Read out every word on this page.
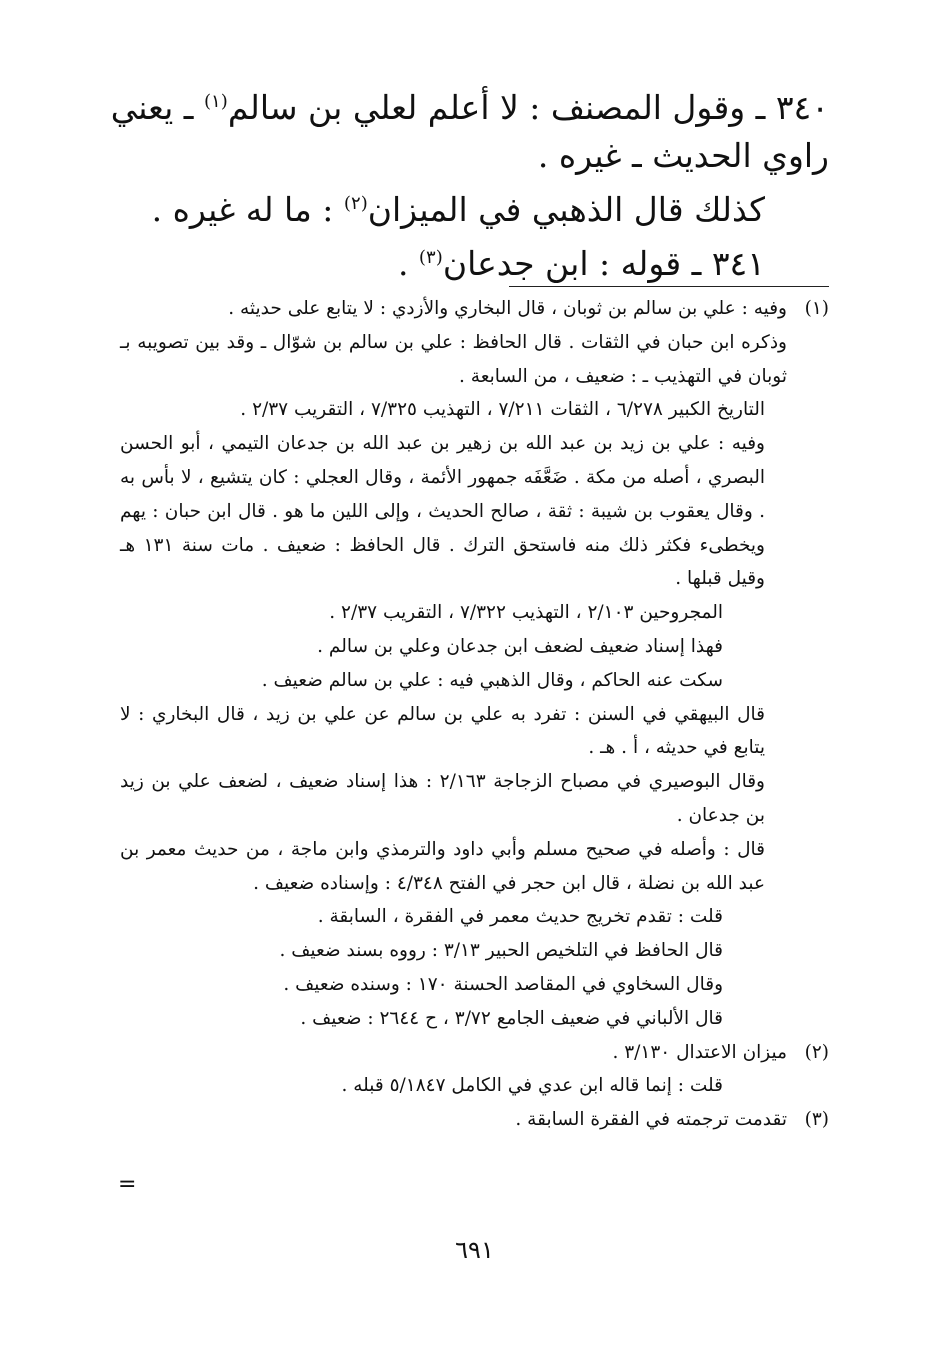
٣٤٠ ـ وقول المصنف : لا أعلم لعلي بن سالم$^{(١)}$ ـ يعني
راوي الحديث ـ غيره .
كذلك قال الذهبي في الميزان$^{(٢)}$ : ما له غيره .
٣٤١ ـ قوله : ابن جدعان$^{(٣)}$ .
(١)
وفيه : علي بن سالم بن ثوبان ، قال البخاري والأزدي : لا يتابع على حديثه .
وذكره ابن حبان في الثقات . قال الحافظ : علي بن سالم بن شوّال ـ وقد بين تصويبه بـ ثوبان في التهذيب ـ : ضعيف ، من السابعة .
التاريخ الكبير ٦/٢٧٨ ، الثقات ٧/٢١١ ، التهذيب ٧/٣٢٥ ، التقريب ٢/٣٧ .
وفيه : علي بن زيد بن عبد الله بن زهير بن عبد الله بن جدعان التيمي ، أبو الحسن البصري ، أصله من مكة . ضَعَّفَه جمهور الأئمة ، وقال العجلي : كان يتشيع ، لا بأس به . وقال يعقوب بن شيبة : ثقة ، صالح الحديث ، وإلى اللين ما هو . قال ابن حبان : يهم ويخطىء فكثر ذلك منه فاستحق الترك . قال الحافظ : ضعيف . مات سنة ١٣١ هـ وقيل قبلها .
المجروحين ٢/١٠٣ ، التهذيب ٧/٣٢٢ ، التقريب ٢/٣٧ .
فهذا إسناد ضعيف لضعف ابن جدعان وعلي بن سالم .
سكت عنه الحاكم ، وقال الذهبي فيه : علي بن سالم ضعيف .
قال البيهقي في السنن : تفرد به علي بن سالم عن علي بن زيد ، قال البخاري : لا يتابع في حديثه ، أ . هـ .
وقال البوصيري في مصباح الزجاجة ٢/١٦٣ : هذا إسناد ضعيف ، لضعف علي بن زيد بن جدعان .
قال : وأصله في صحيح مسلم وأبي داود والترمذي وابن ماجة ، من حديث معمر بن عبد الله بن نضلة ، قال ابن حجر في الفتح ٤/٣٤٨ : وإسناده ضعيف .
قلت : تقدم تخريج حديث معمر في الفقرة ، السابقة .
قال الحافظ في التلخيص الحبير ٣/١٣ : رووه بسند ضعيف .
وقال السخاوي في المقاصد الحسنة ١٧٠ : وسنده ضعيف .
قال الألباني في ضعيف الجامع ٣/٧٢ ، ح ٢٦٤٤ : ضعيف .
(٢)
ميزان الاعتدال ٣/١٣٠ .
قلت : إنما قاله ابن عدي في الكامل ٥/١٨٤٧ قبله .
(٣)
تقدمت ترجمته في الفقرة السابقة .
=
٦٩١
